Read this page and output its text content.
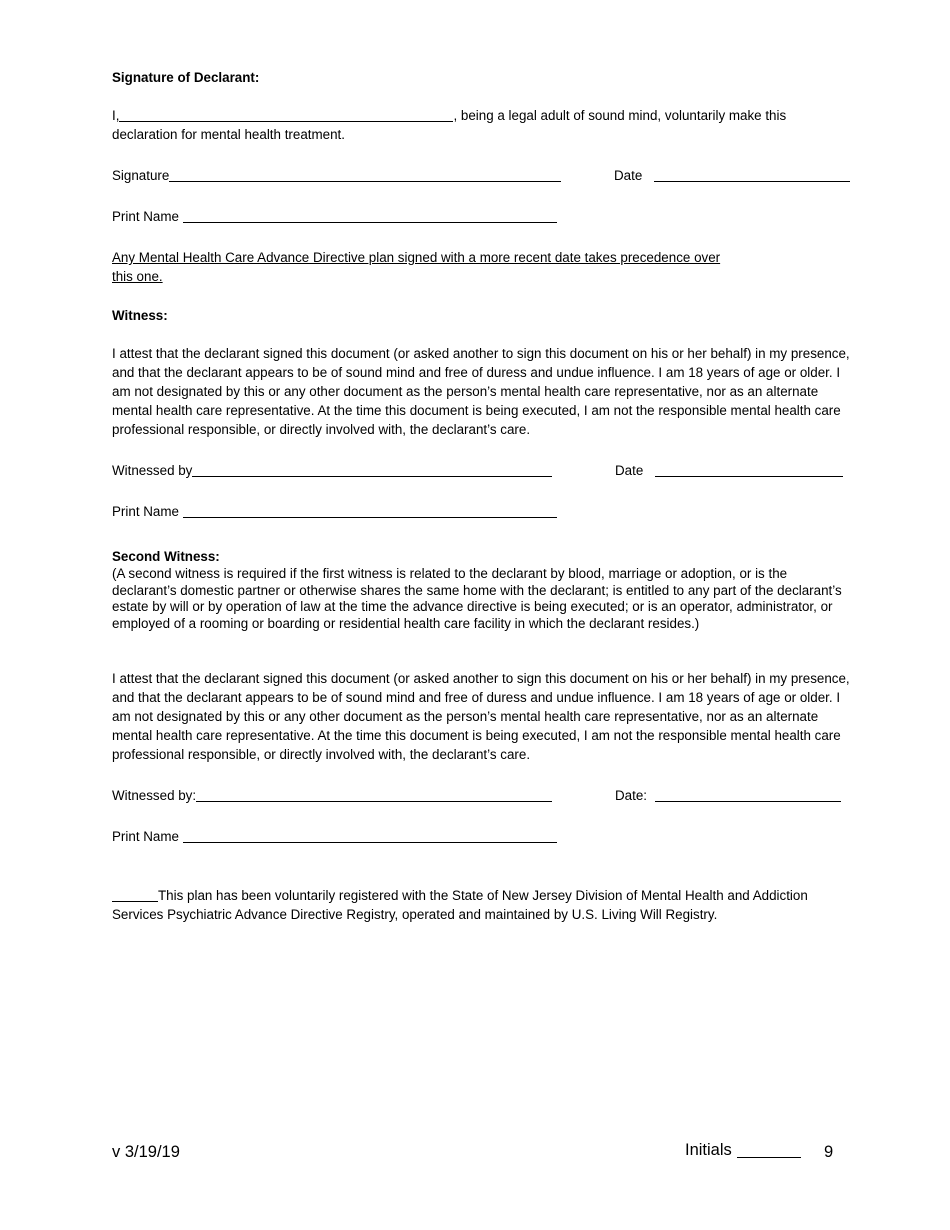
Signature of Declarant:
I,	, being a legal adult of sound mind, voluntarily make this
declaration for mental health treatment.
Signature	Date
Print Name
Any Mental Health Care Advance Directive plan signed with a more recent date takes precedence over
this one.
Witness:
I attest that the declarant signed this document (or asked another to sign this document on his or her behalf) in my presence, and that the declarant appears to be of sound mind and free of duress and undue influence. I am 18 years of age or older. I am not designated by this or any other document as the person’s mental health care representative, nor as an alternate mental health care representative. At the time this document is being executed, I am not the responsible mental health care professional responsible, or directly involved with, the declarant’s care.
Witnessed by	Date
Print Name
Second Witness:
(A second witness is required if the first witness is related to the declarant by blood, marriage or adoption, or is the declarant’s domestic partner or otherwise shares the same home with the declarant; is entitled to any part of the declarant’s estate by will or by operation of law at the time the advance directive is being executed; or is an operator, administrator, or employed of a rooming or boarding or residential health care facility in which the declarant resides.)
I attest that the declarant signed this document (or asked another to sign this document on his or her behalf) in my presence, and that the declarant appears to be of sound mind and free of duress and undue influence. I am 18 years of age or older. I am not designated by this or any other document as the person’s mental health care representative, nor as an alternate mental health care representative. At the time this document is being executed, I am not the responsible mental health care professional responsible, or directly involved with, the declarant’s care.
Witnessed by:	Date:
Print Name
This plan has been voluntarily registered with the State of New Jersey Division of Mental Health and Addiction Services Psychiatric Advance Directive Registry, operated and maintained by U.S. Living Will Registry.
v 3/19/19	Initials	9
